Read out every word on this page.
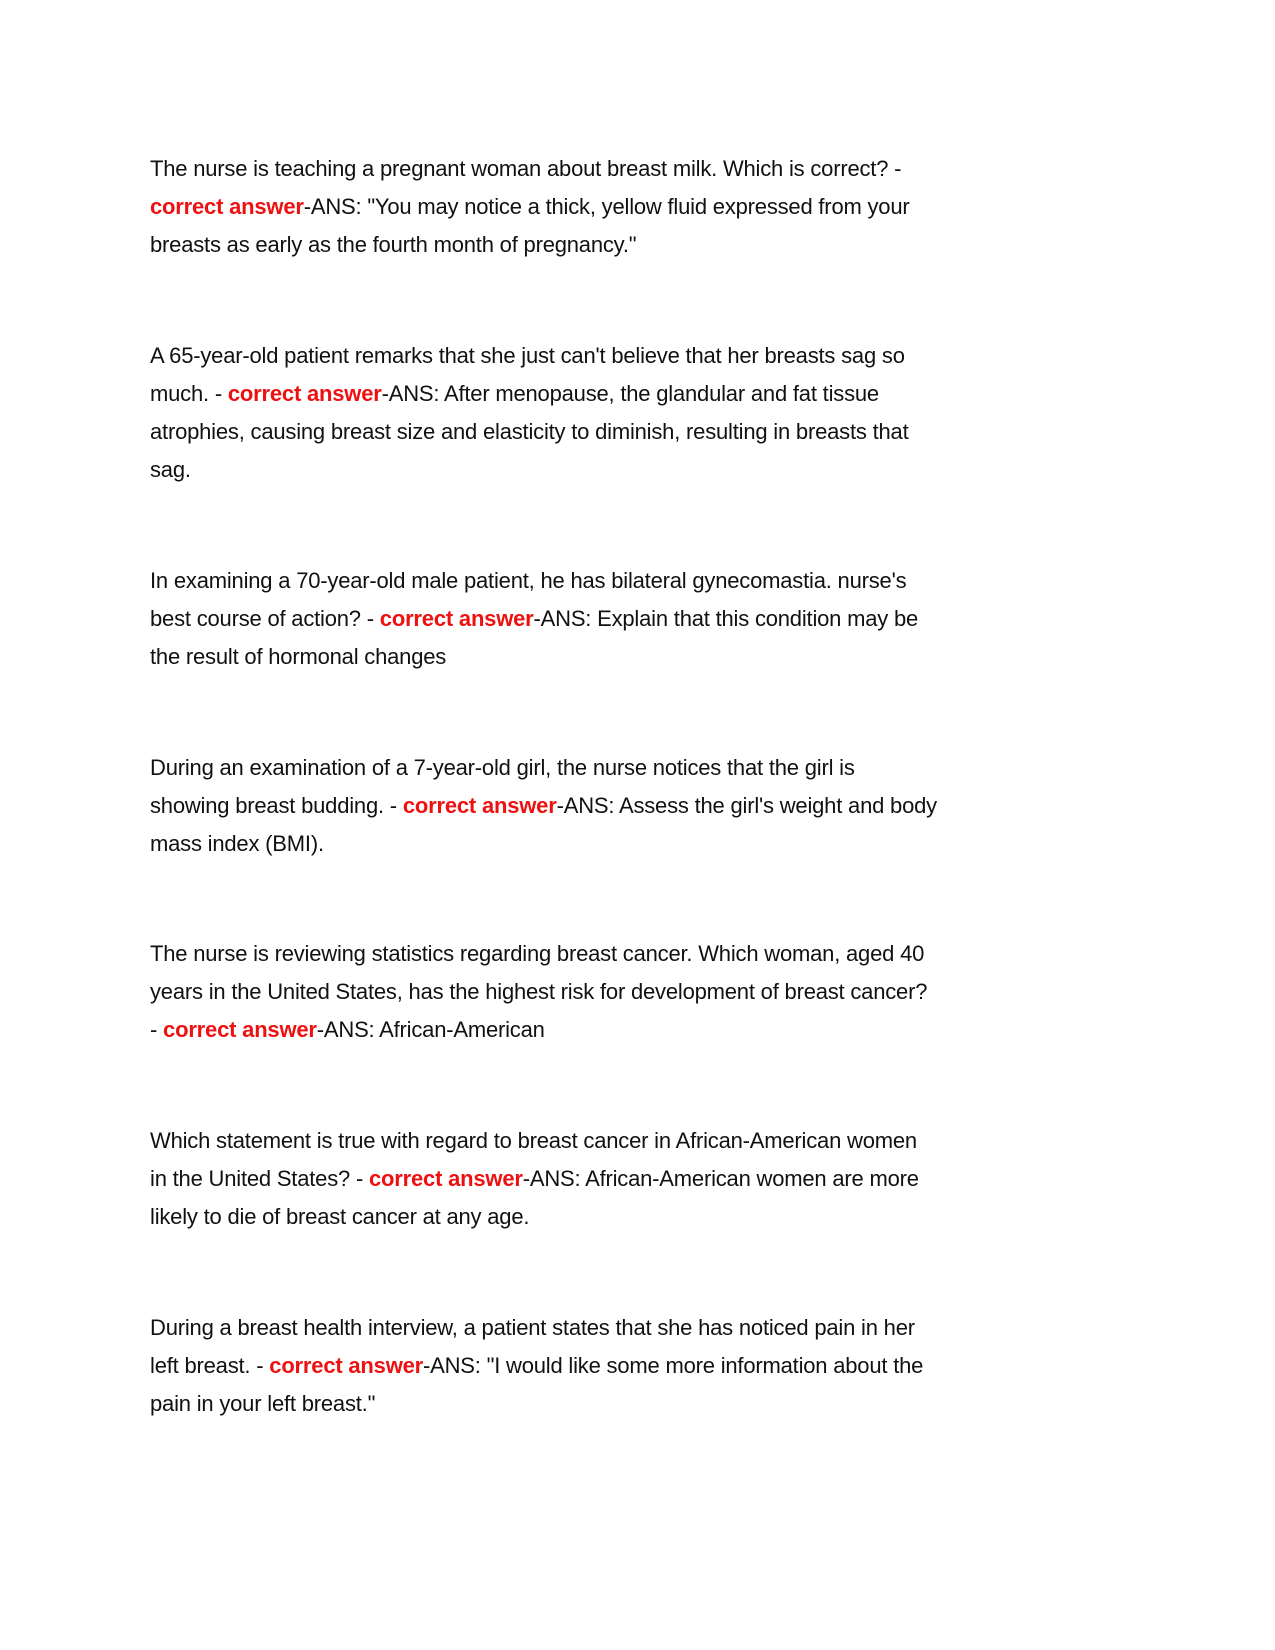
The nurse is teaching a pregnant woman about breast milk. Which is correct? -
correct answer-ANS: "You may notice a thick, yellow fluid expressed from your
breasts as early as the fourth month of pregnancy."
A 65-year-old patient remarks that she just can't believe that her breasts sag so
much. - correct answer-ANS: After menopause, the glandular and fat tissue
atrophies, causing breast size and elasticity to diminish, resulting in breasts that
sag.
In examining a 70-year-old male patient, he has bilateral gynecomastia. nurse's
best course of action? - correct answer-ANS: Explain that this condition may be
the result of hormonal changes
During an examination of a 7-year-old girl, the nurse notices that the girl is
showing breast budding. - correct answer-ANS: Assess the girl's weight and body
mass index (BMI).
The nurse is reviewing statistics regarding breast cancer. Which woman, aged 40
years in the United States, has the highest risk for development of breast cancer?
- correct answer-ANS: African-American
Which statement is true with regard to breast cancer in African-American women
in the United States? - correct answer-ANS: African-American women are more
likely to die of breast cancer at any age.
During a breast health interview, a patient states that she has noticed pain in her
left breast. - correct answer-ANS: "I would like some more information about the
pain in your left breast."
